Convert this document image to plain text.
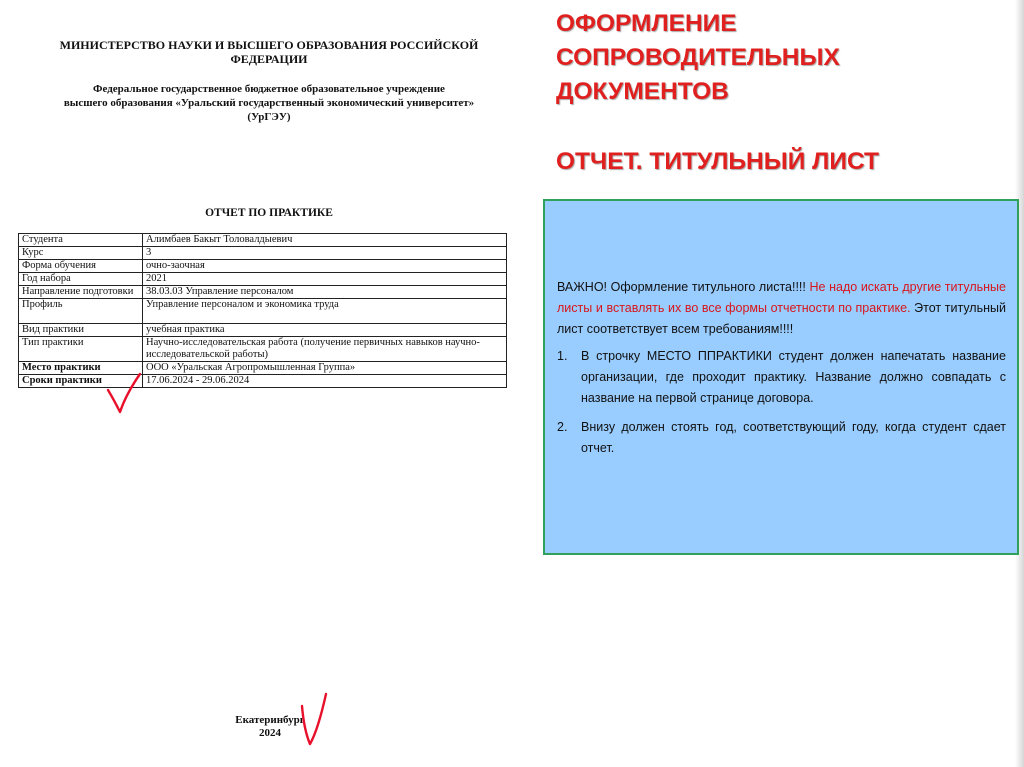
МИНИСТЕРСТВО НАУКИ И ВЫСШЕГО ОБРАЗОВАНИЯ РОССИЙСКОЙ ФЕДЕРАЦИИ
Федеральное государственное бюджетное образовательное учреждение
высшего образования «Уральский государственный экономический университет»
(УрГЭУ)
ОТЧЕТ ПО ПРАКТИКЕ
Студента	Алимбаев Бакыт Толовалдыевич
Курс	3
Форма обучения	очно-заочная
Год набора	2021
Направление подготовки	38.03.03 Управление персоналом
Профиль	Управление персоналом и экономика труда
Вид практики	учебная практика
Тип практики	Научно-исследовательская работа (получение первичных навыков научно-исследовательской работы)
Место практики	ООО «Уральская Агропромышленная Группа»
Сроки практики	17.06.2024 - 29.06.2024
Екатеринбург
2024
ОФОРМЛЕНИЕ
СОПРОВОДИТЕЛЬНЫХ
ДОКУМЕНТОВ
ОТЧЕТ. ТИТУЛЬНЫЙ ЛИСТ

ВАЖНО! Оформление титульного листа!!!! Не надо искать другие титульные листы и вставлять их во все формы отчетности по практике. Этот титульный лист соответствует всем требованиям!!!!

1. В строчку МЕСТО ППРАКТИКИ студент должен напечатать название организации, где проходит практику. Название должно совпадать с название на первой странице договора.
2. Внизу должен стоять год, соответствующий году, когда студент сдает отчет.
